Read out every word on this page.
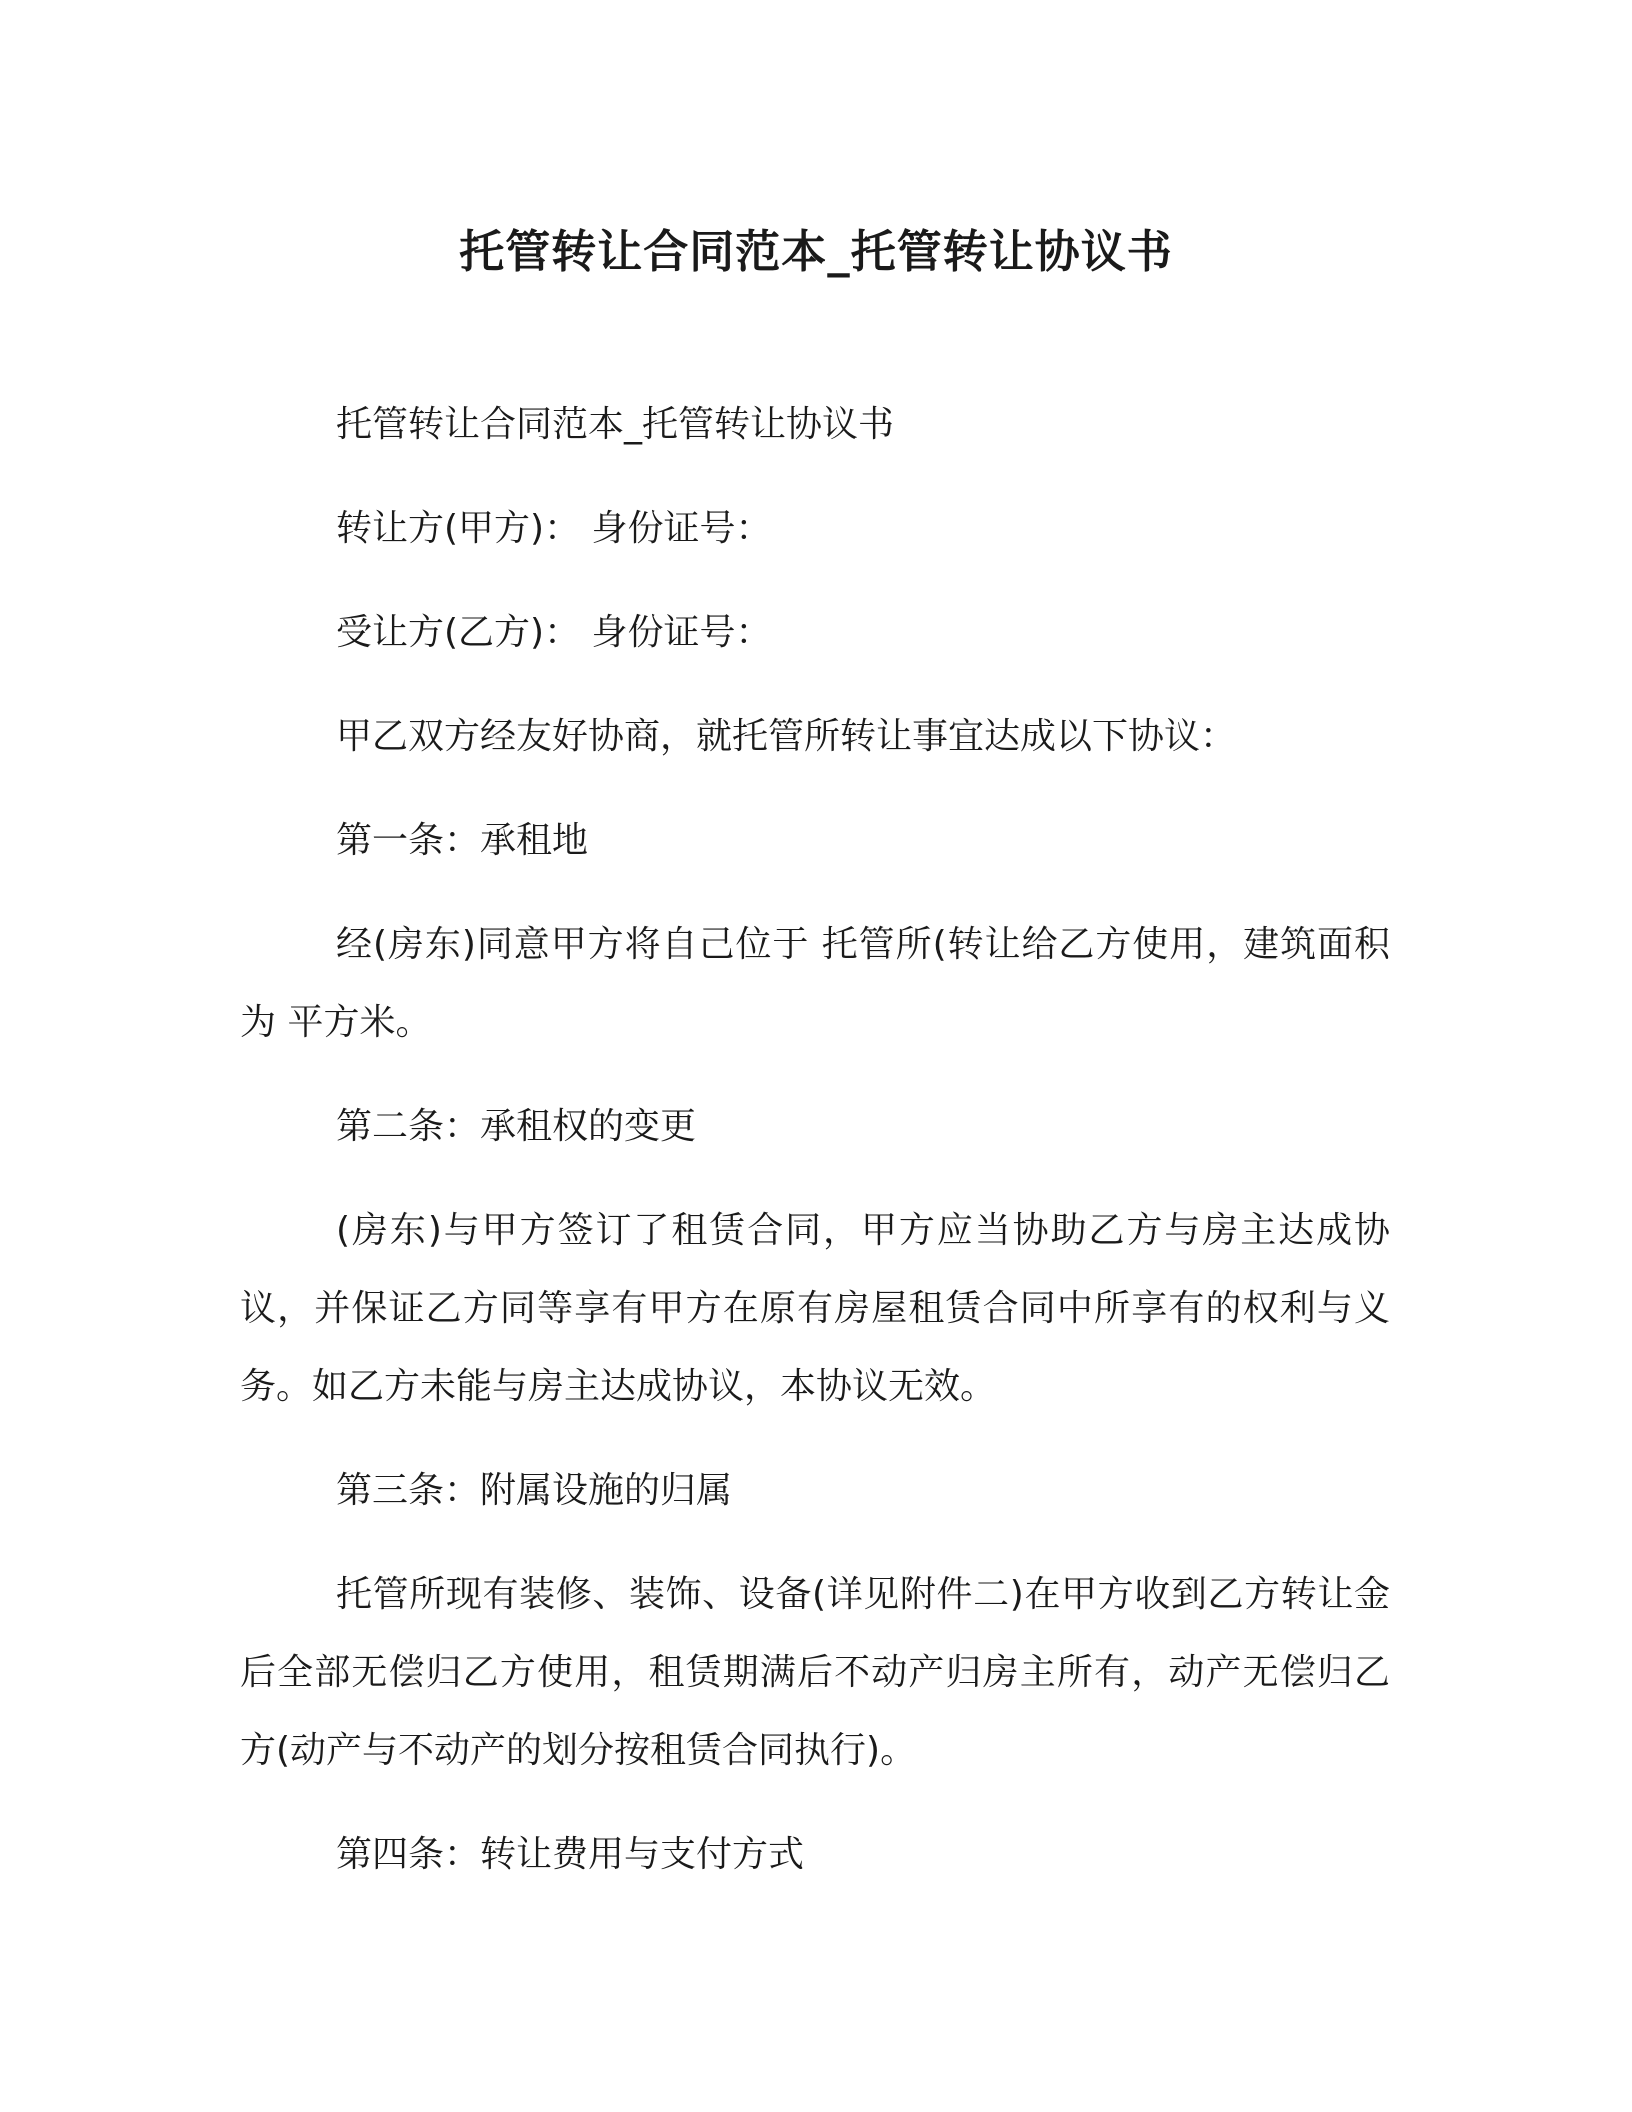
托管转让合同范本_托管转让协议书

托管转让合同范本_托管转让协议书

转让方(甲方)： 身份证号：

受让方(乙方)： 身份证号：

甲乙双方经友好协商，就托管所转让事宜达成以下协议：

第一条：承租地

经(房东)同意甲方将自己位于 托管所(转让给乙方使用，建筑面积为 平方米。

第二条：承租权的变更

(房东)与甲方签订了租赁合同，甲方应当协助乙方与房主达成协议，并保证乙方同等享有甲方在原有房屋租赁合同中所享有的权利与义务。如乙方未能与房主达成协议，本协议无效。

第三条：附属设施的归属

托管所现有装修、装饰、设备(详见附件二)在甲方收到乙方转让金后全部无偿归乙方使用，租赁期满后不动产归房主所有，动产无偿归乙方(动产与不动产的划分按租赁合同执行)。

第四条：转让费用与支付方式
